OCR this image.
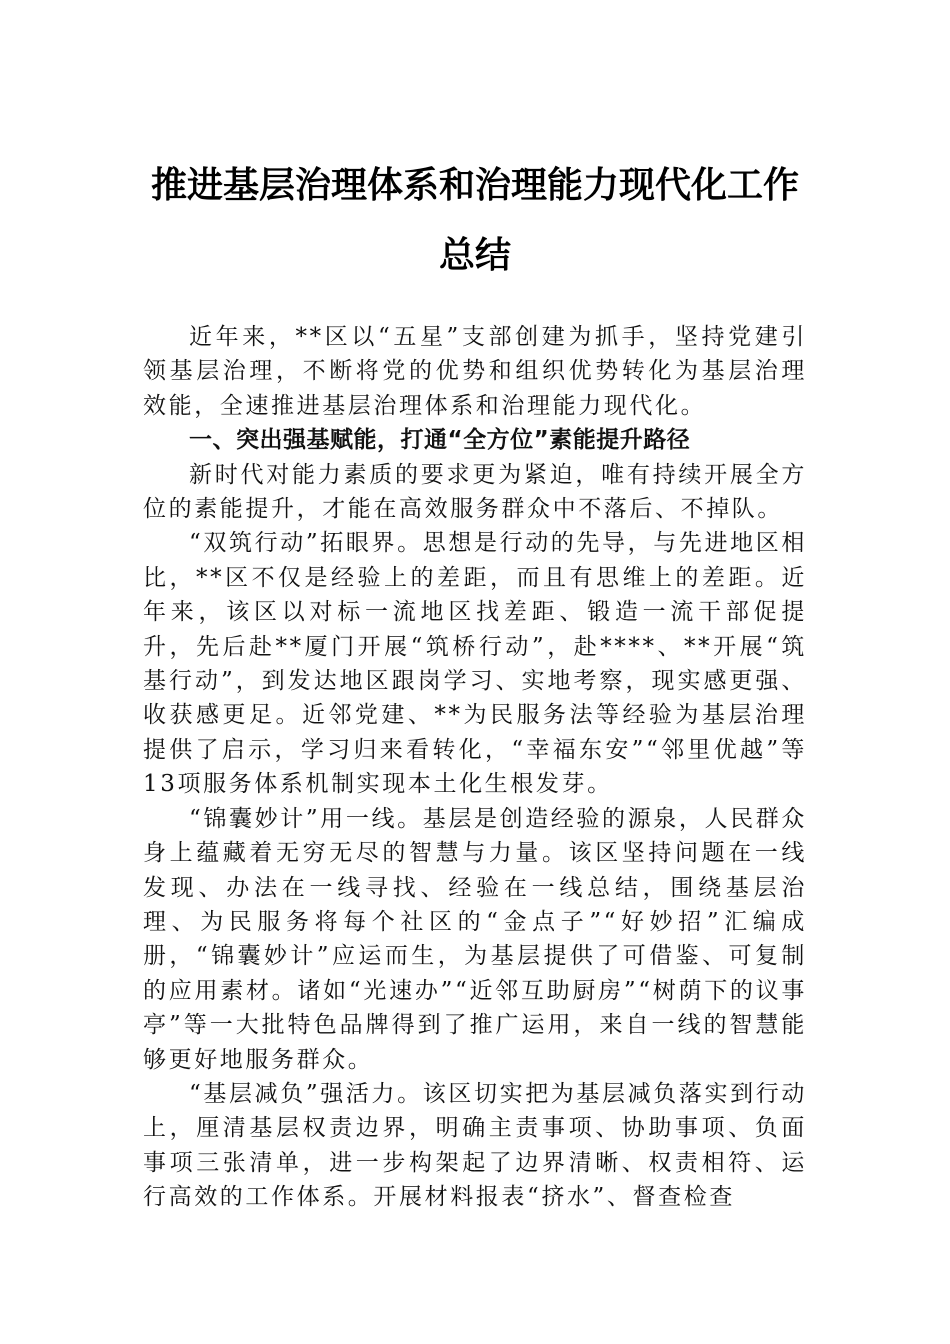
推进基层治理体系和治理能力现代化工作
总结

近年来，**区以“五星”支部创建为抓手，坚持党建引领基层治理，不断将党的优势和组织优势转化为基层治理效能，全速推进基层治理体系和治理能力现代化。

一、突出强基赋能，打通“全方位”素能提升路径

新时代对能力素质的要求更为紧迫，唯有持续开展全方位的素能提升，才能在高效服务群众中不落后、不掉队。

“双筑行动”拓眼界。思想是行动的先导，与先进地区相比，**区不仅是经验上的差距，而且有思维上的差距。近年来，该区以对标一流地区找差距、锻造一流干部促提升，先后赴**厦门开展“筑桥行动”，赴****、**开展“筑基行动”，到发达地区跟岗学习、实地考察，现实感更强、收获感更足。近邻党建、**为民服务法等经验为基层治理提供了启示，学习归来看转化，“幸福东安”“邻里优越”等13项服务体系机制实现本土化生根发芽。

“锦囊妙计”用一线。基层是创造经验的源泉，人民群众身上蕴藏着无穷无尽的智慧与力量。该区坚持问题在一线发现、办法在一线寻找、经验在一线总结，围绕基层治理、为民服务将每个社区的“金点子”“好妙招”汇编成册，“锦囊妙计”应运而生，为基层提供了可借鉴、可复制的应用素材。诸如“光速办”“近邻互助厨房”“树荫下的议事亭”等一大批特色品牌得到了推广运用，来自一线的智慧能够更好地服务群众。

“基层减负”强活力。该区切实把为基层减负落实到行动上，厘清基层权责边界，明确主责事项、协助事项、负面事项三张清单，进一步构架起了边界清晰、权责相符、运行高效的工作体系。开展材料报表“挤水”、督查检查
